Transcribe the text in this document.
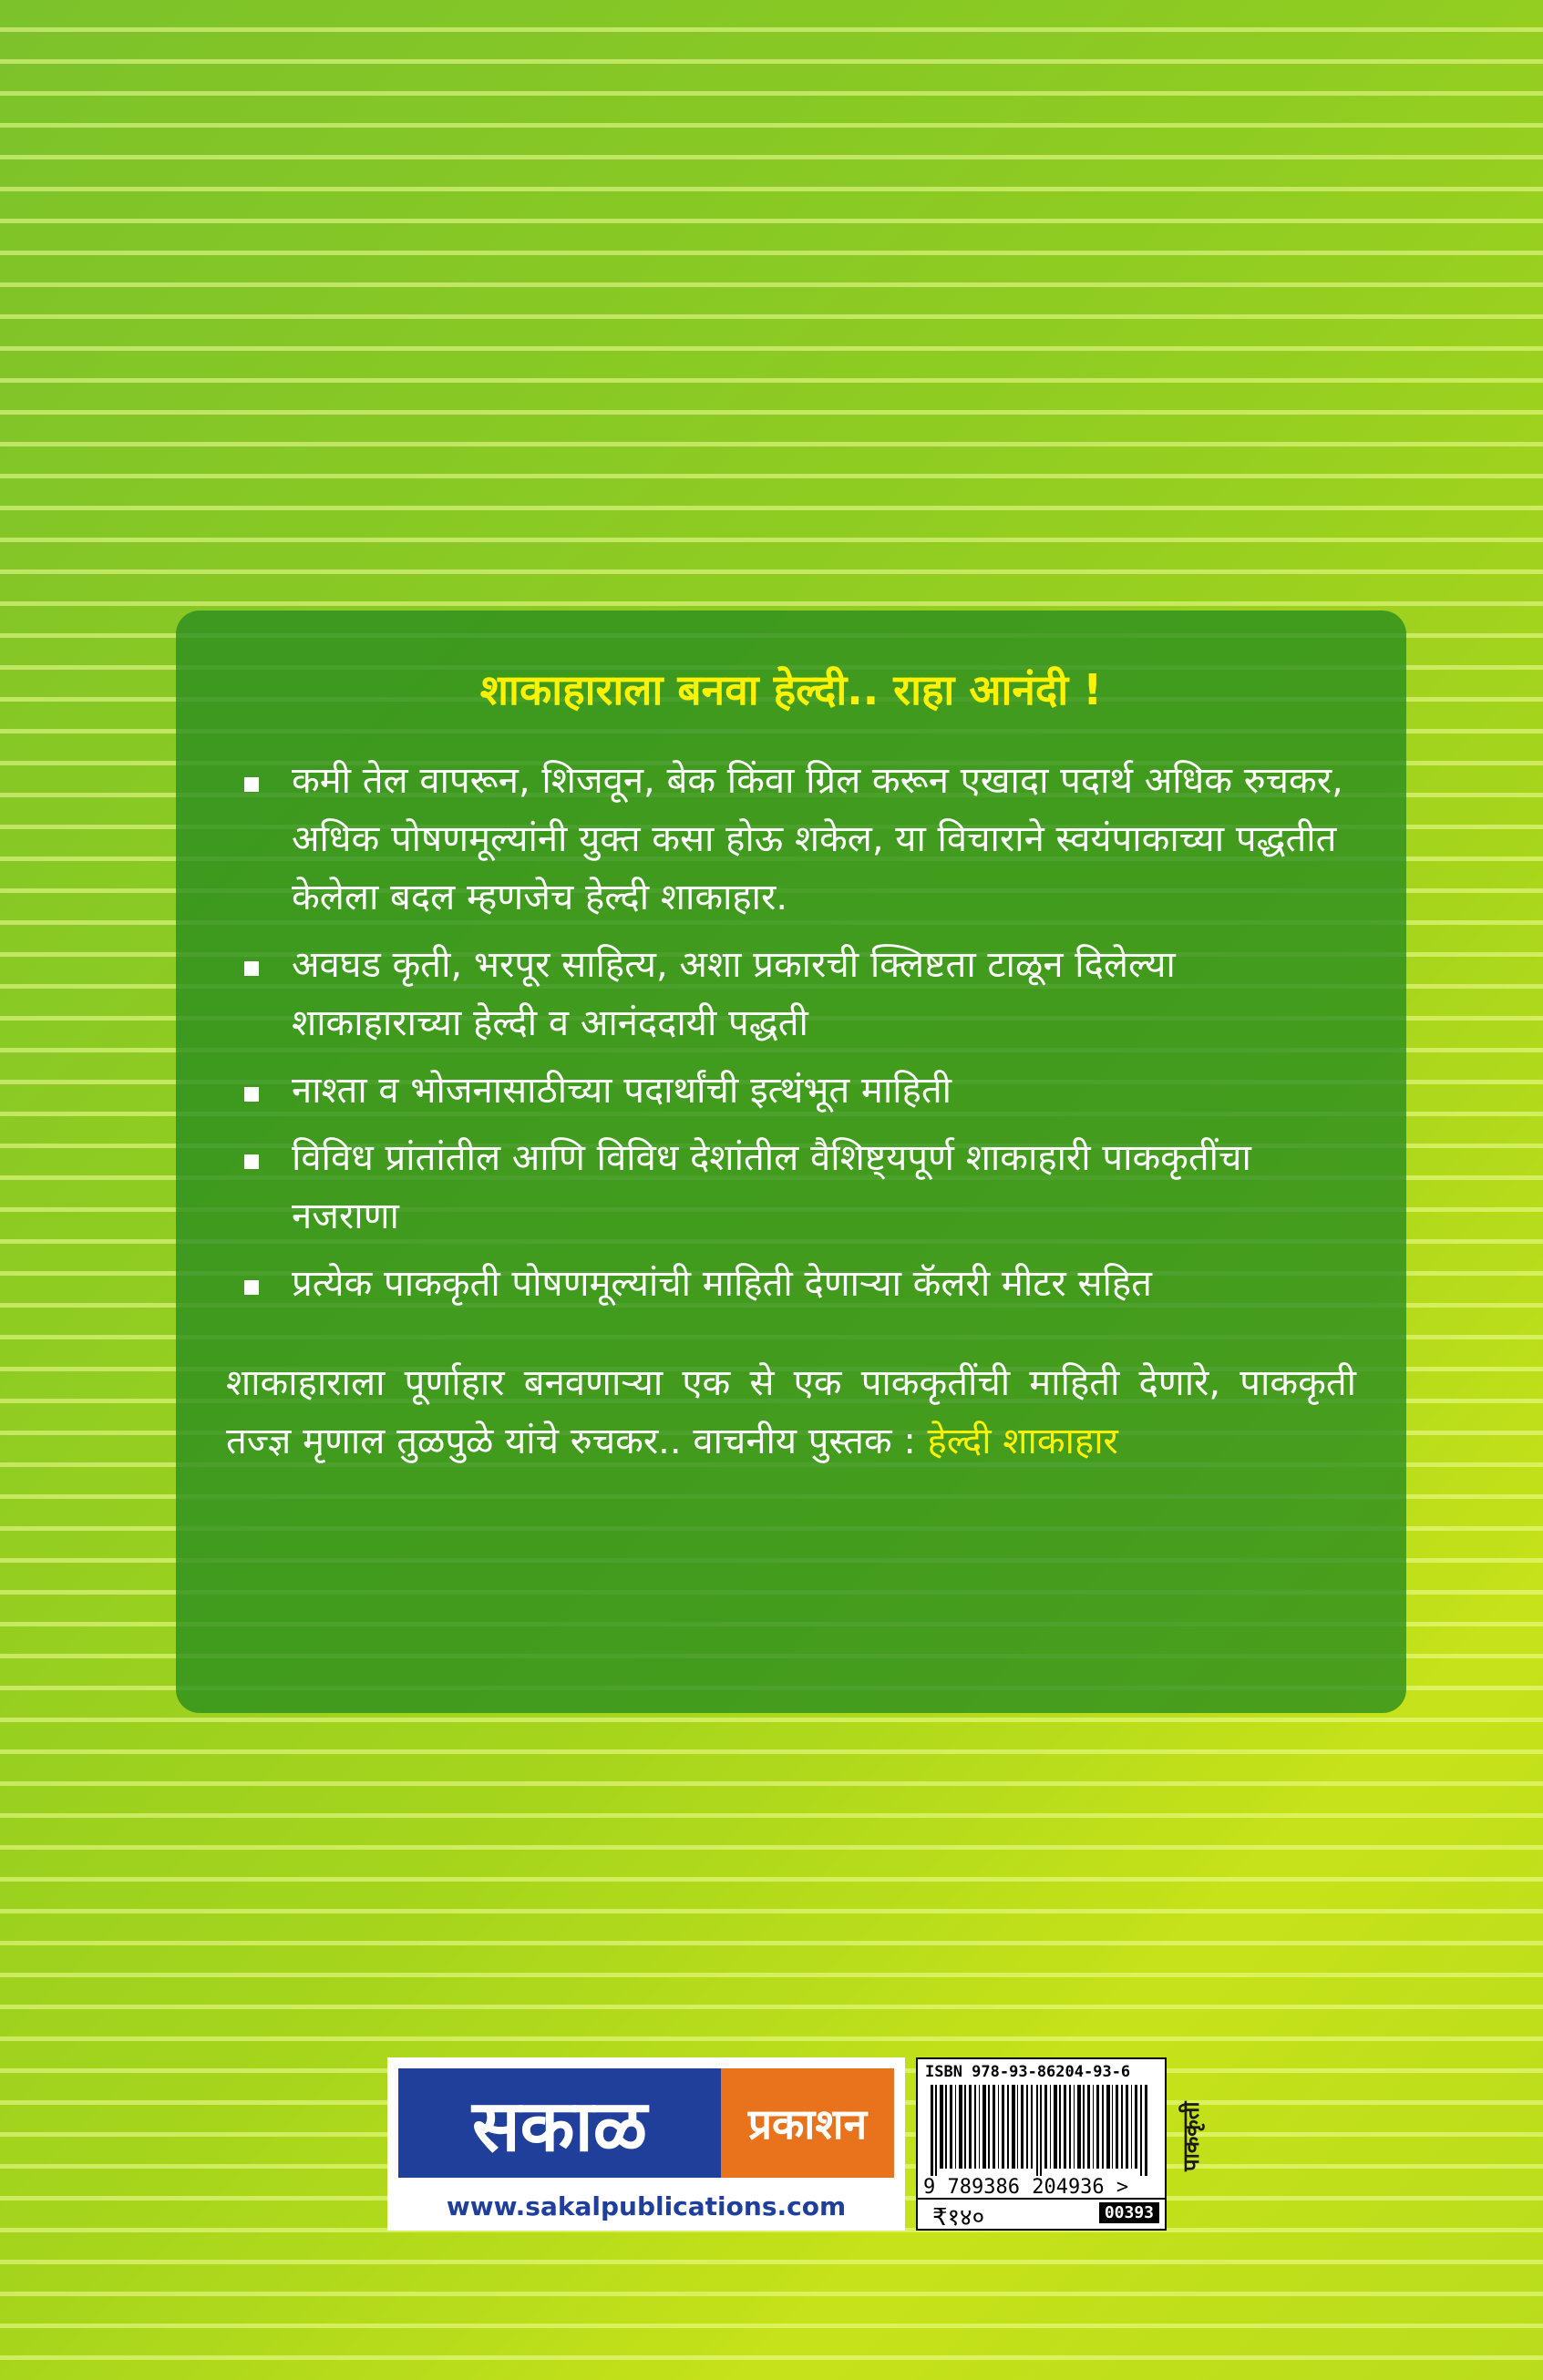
शाकाहाराला बनवा हेल्दी.. राहा आनंदी !
कमी तेल वापरून, शिजवून, बेक किंवा ग्रिल करून एखादा पदार्थ अधिक रुचकर, अधिक पोषणमूल्यांनी युक्त कसा होऊ शकेल, या विचाराने स्वयंपाकाच्या पद्धतीत केलेला बदल म्हणजेच हेल्दी शाकाहार.
अवघड कृती, भरपूर साहित्य, अशा प्रकारची क्लिष्टता टाळून दिलेल्या शाकाहाराच्या हेल्दी व आनंददायी पद्धती
नाश्ता व भोजनासाठीच्या पदार्थांची इत्थंभूत माहिती
विविध प्रांतांतील आणि विविध देशांतील वैशिष्ट्यपूर्ण शाकाहारी पाककृतींचा नजराणा
प्रत्येक पाककृती पोषणमूल्यांची माहिती देणाऱ्या कॅलरी मीटर सहित
शाकाहाराला पूर्णाहार बनवणाऱ्या एक से एक पाककृतींची माहिती देणारे, पाककृती तज्ज्ञ मृणाल तुळपुळे यांचे रुचकर.. वाचनीय पुस्तक : हेल्दी शाकाहार
सकाळ	प्रकाशन
www.sakalpublications.com
ISBN 978-93-86204-93-6
9 789386 204936 >
₹१४०	00393
पाककृती
